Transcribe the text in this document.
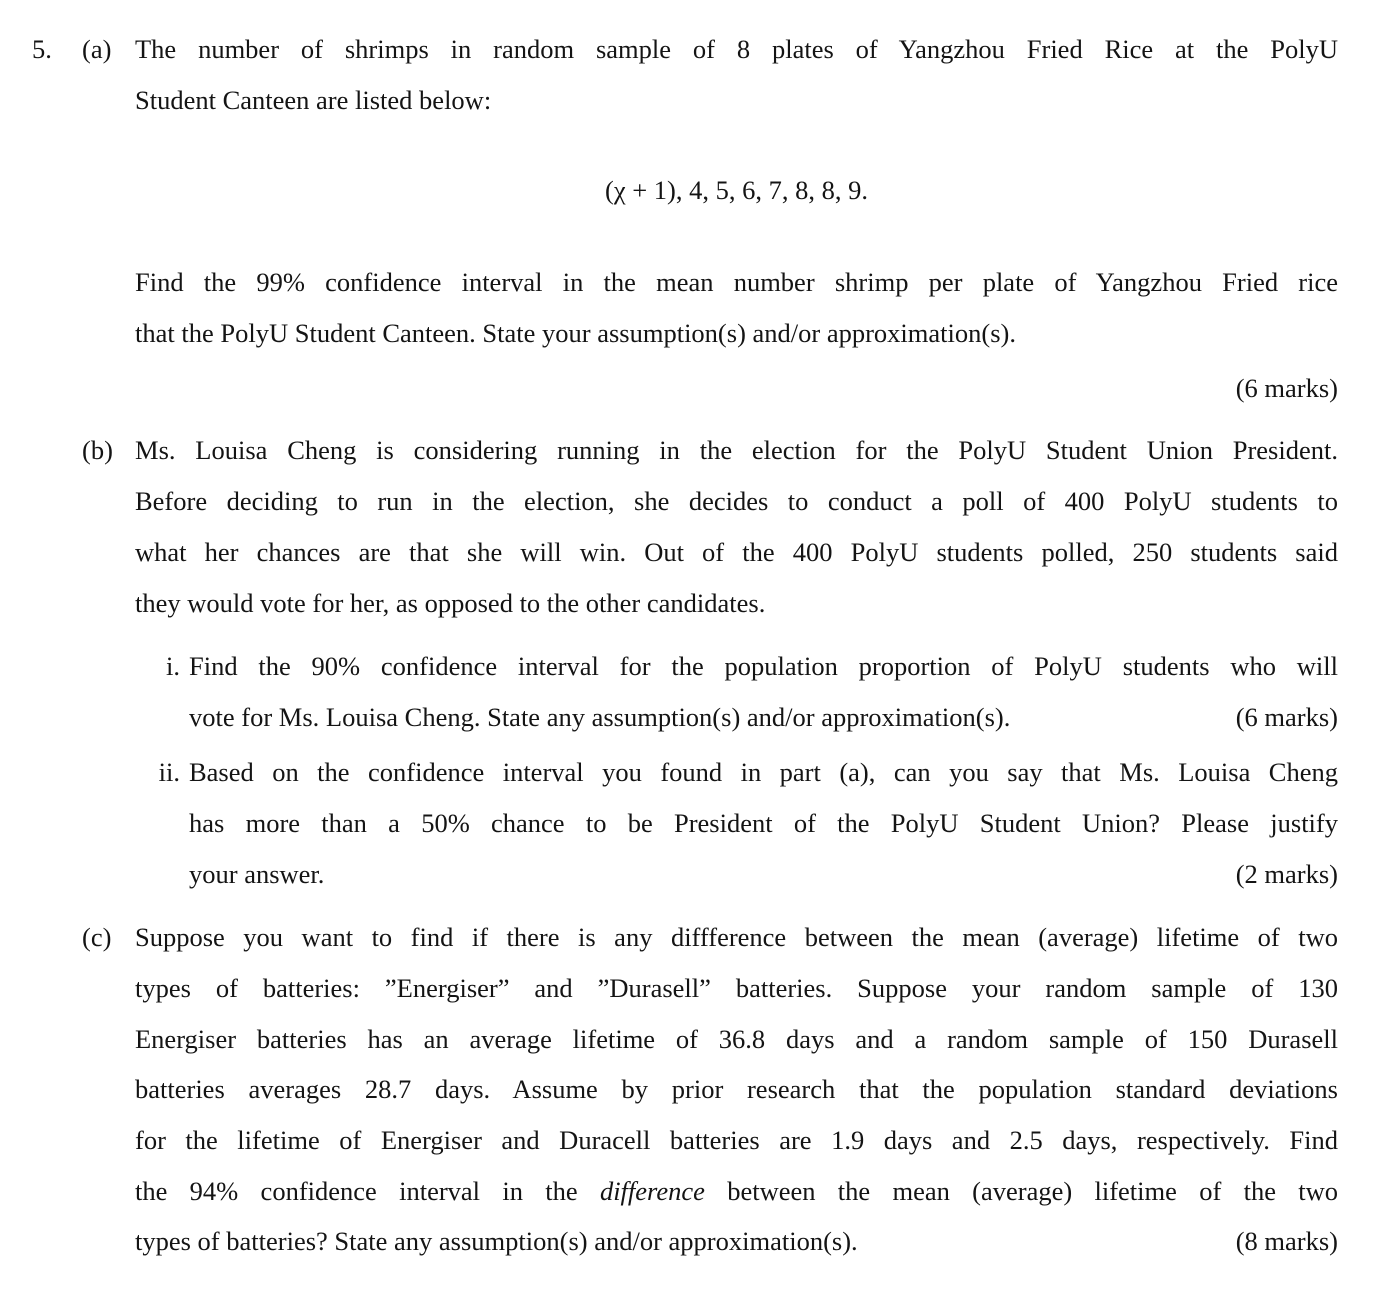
5. (a) The number of shrimps in random sample of 8 plates of Yangzhou Fried Rice at the PolyU
Student Canteen are listed below:
(χ + 1), 4, 5, 6, 7, 8, 8, 9.
Find the 99% confidence interval in the mean number shrimp per plate of Yangzhou Fried rice
that the PolyU Student Canteen. State your assumption(s) and/or approximation(s).
(6 marks)
(b) Ms. Louisa Cheng is considering running in the election for the PolyU Student Union President.
Before deciding to run in the election, she decides to conduct a poll of 400 PolyU students to
what her chances are that she will win. Out of the 400 PolyU students polled, 250 students said
they would vote for her, as opposed to the other candidates.
i. Find the 90% confidence interval for the population proportion of PolyU students who will
vote for Ms. Louisa Cheng. State any assumption(s) and/or approximation(s).	(6 marks)
ii. Based on the confidence interval you found in part (a), can you say that Ms. Louisa Cheng
has more than a 50% chance to be President of the PolyU Student Union? Please justify
your answer.	(2 marks)
(c) Suppose you want to find if there is any diffference between the mean (average) lifetime of two
types of batteries: ”Energiser” and ”Durasell” batteries. Suppose your random sample of 130
Energiser batteries has an average lifetime of 36.8 days and a random sample of 150 Durasell
batteries averages 28.7 days. Assume by prior research that the population standard deviations
for the lifetime of Energiser and Duracell batteries are 1.9 days and 2.5 days, respectively. Find
the 94% confidence interval in the difference between the mean (average) lifetime of the two
types of batteries? State any assumption(s) and/or approximation(s).	(8 marks)
